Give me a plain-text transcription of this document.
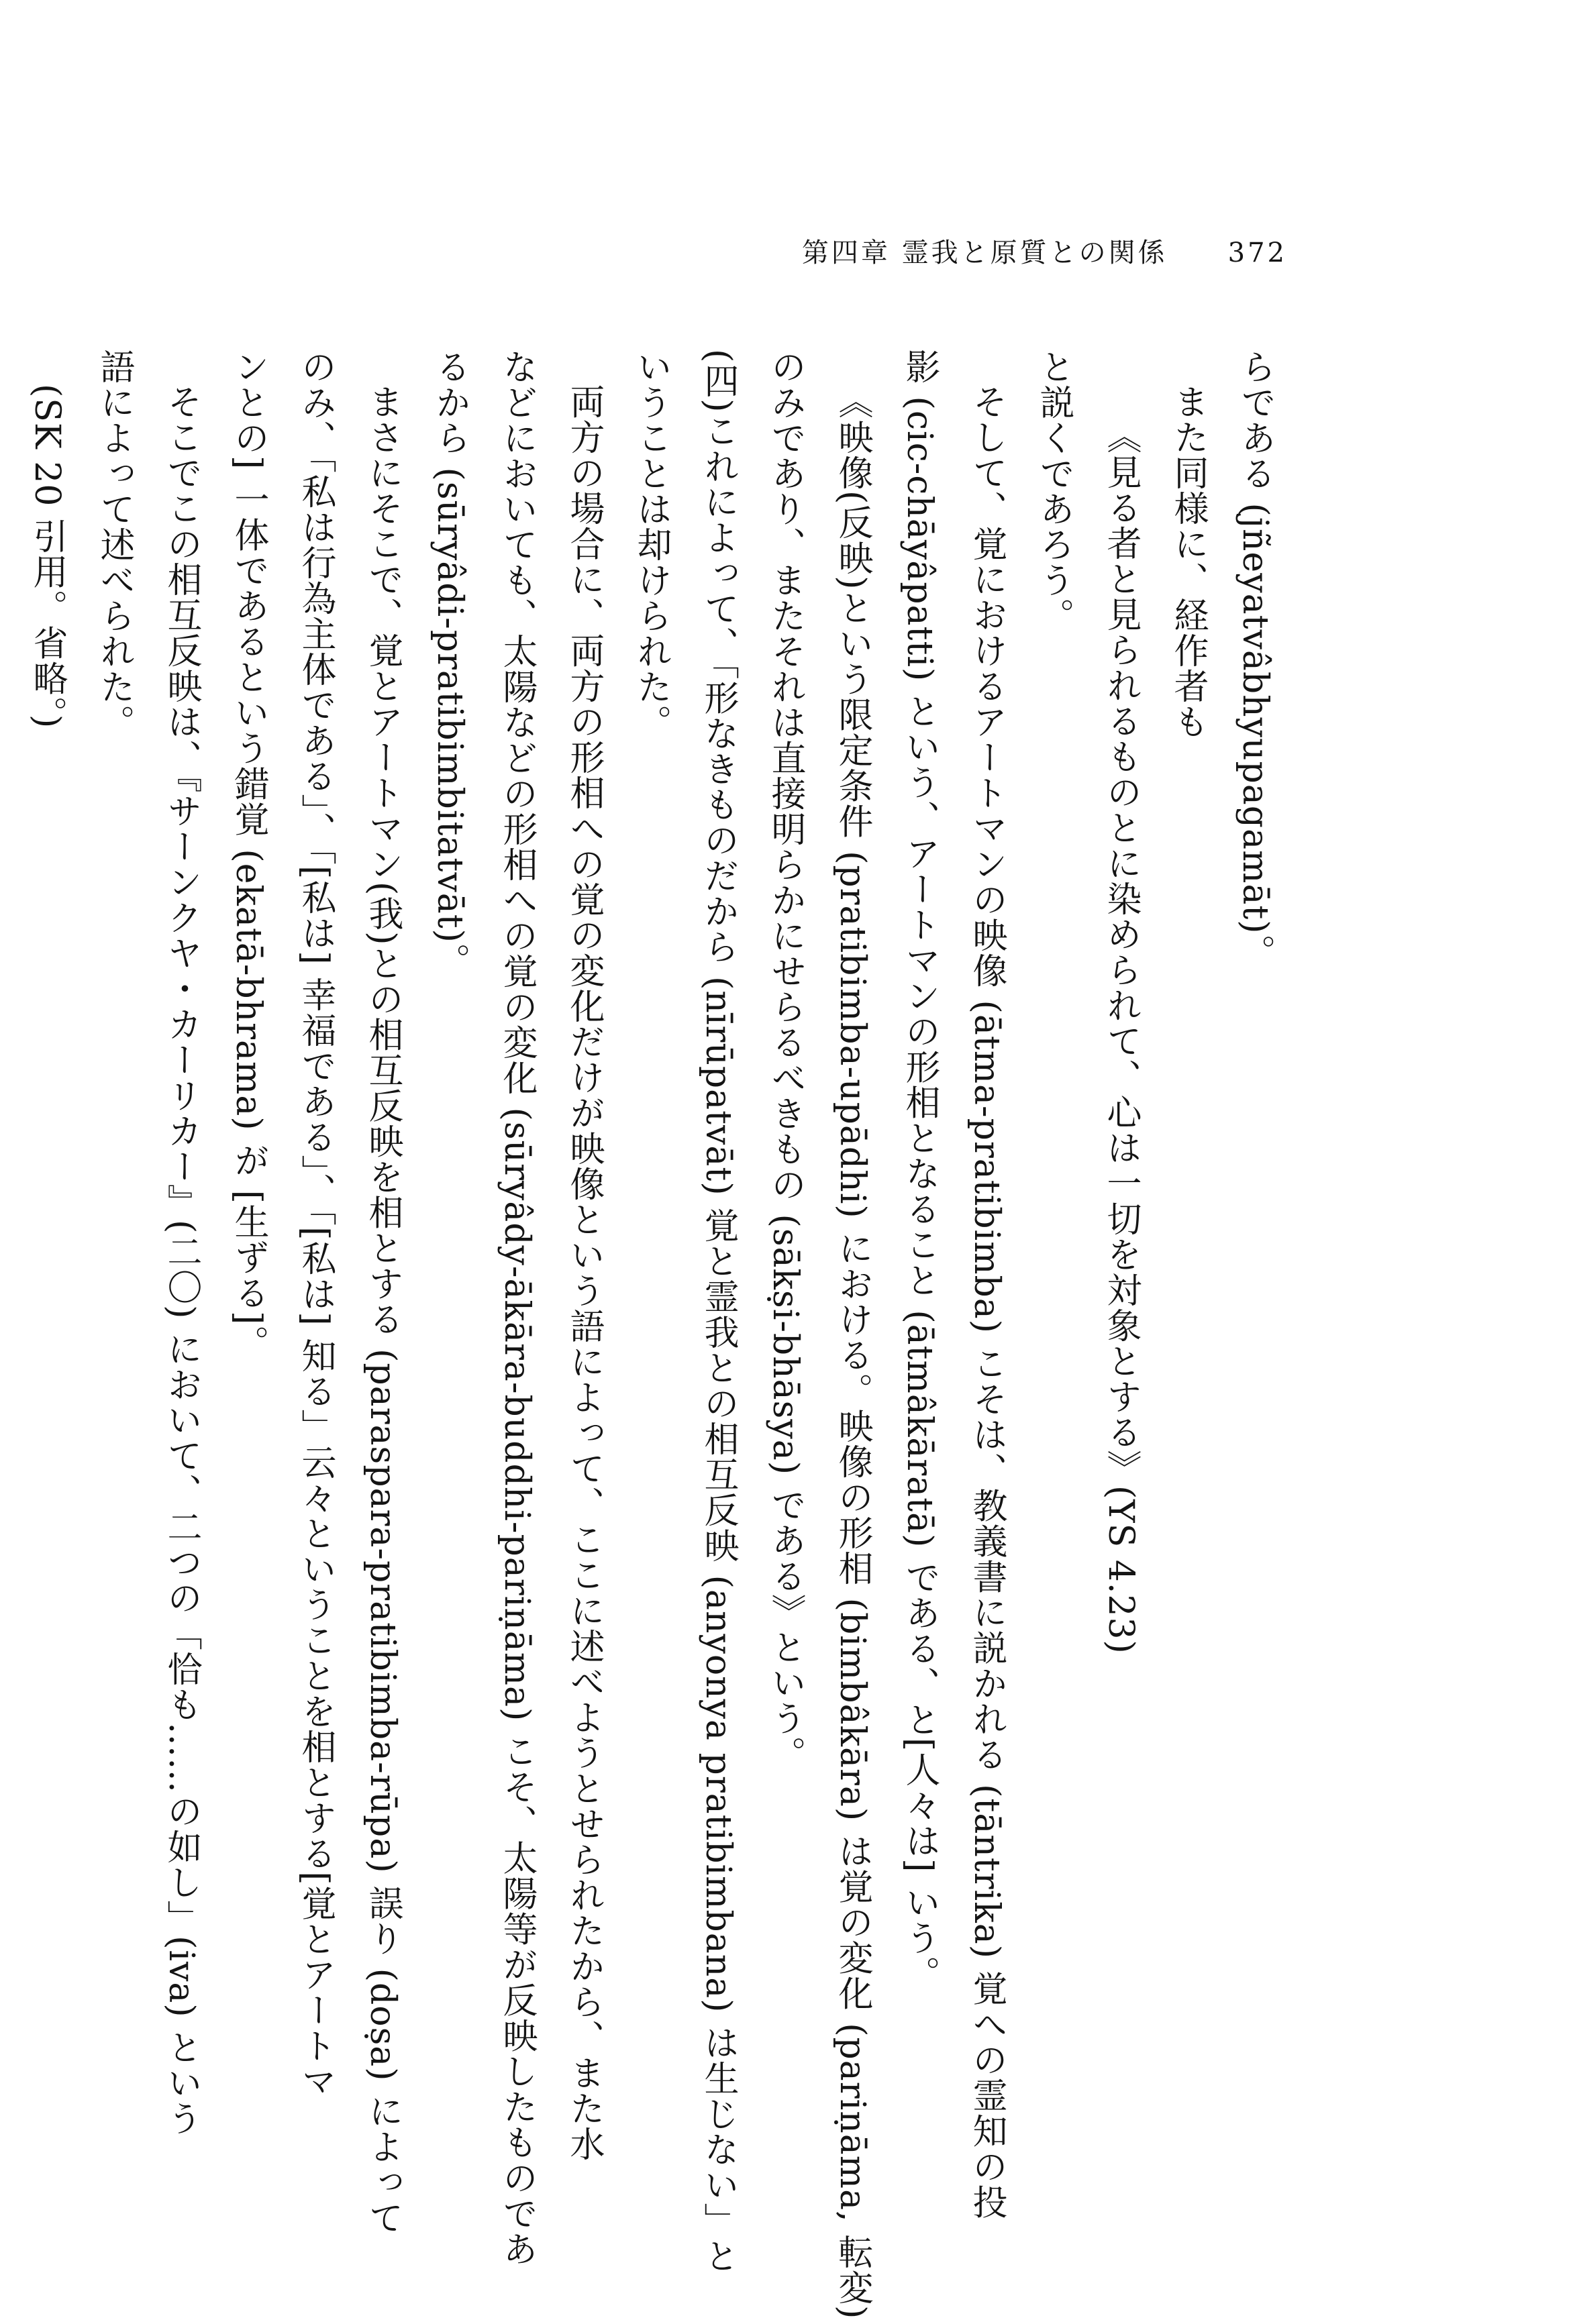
第四章 霊我と原質との関係 372
らである (jñeyatvâbhyupagamāt)。
また同様に、経作者も
《見る者と見られるものとに染められて、心は一切を対象とする》(YS 4.23)
と説くであろう。
そして、覚におけるアートマンの映像 (ātma-pratibimba) こそは、教義書に説かれる (tāntrika) 覚への霊知の投
影 (cic-chāyâpatti) という、アートマンの形相となること (ātmâkāratā) である、と[人々は] いう。
《映像(反映)という限定条件 (pratibimba-upādhi) における。映像の形相 (bimbâkāra) は覚の変化 (pariṇāma, 転変)
のみであり、またそれは直接明らかにせらるべきもの (sākṣi-bhāsya) である》という。
(四)これによって、「形なきものだから (nīrūpatvāt) 覚と霊我との相互反映 (anyonya pratibimbana) は生じない」と
いうことは却けられた。
両方の場合に、両方の形相への覚の変化だけが映像という語によって、ここに述べようとせられたから、また水
などにおいても、太陽などの形相への覚の変化 (sūryâdy-ākāra-buddhi-pariṇāma) こそ、太陽等が反映したものであ
るから (sūryâdi-pratibimbitatvāt)。
まさにそこで、覚とアートマン(我)との相互反映を相とする (paraspara-pratibimba-rūpa) 誤り (doṣa) によって
のみ、「私は行為主体である」、「[私は] 幸福である」、「[私は] 知る」云々ということを相とする[覚とアートマ
ンとの] 一体であるという錯覚 (ekatā-bhrama) が [生ずる]。
そこでこの相互反映は、『サーンクヤ・カーリカー』(二〇) において、二つの「恰も……の如し」(iva) という
語によって述べられた。
(SK 20 引用。省略。)
